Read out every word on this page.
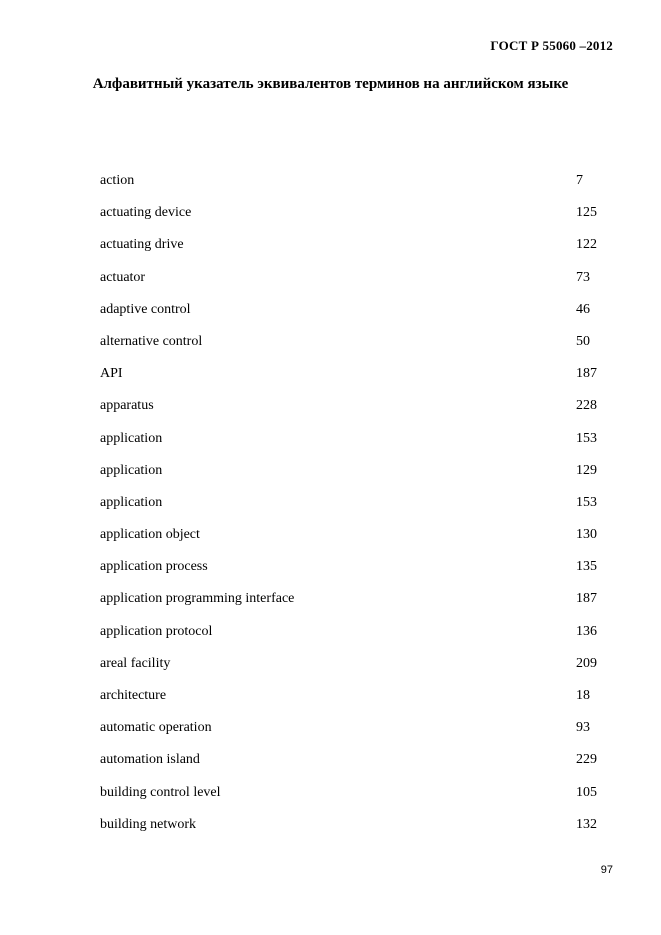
ГОСТ Р 55060 –2012
Алфавитный указатель эквивалентов терминов на английском языке
action	7
actuating device	125
actuating drive	122
actuator	73
adaptive control	46
alternative control	50
API	187
apparatus	228
application	153
application	129
application	153
application object	130
application process	135
application programming interface	187
application protocol	136
areal facility	209
architecture	18
automatic operation	93
automation island	229
building control level	105
building network	132
97
